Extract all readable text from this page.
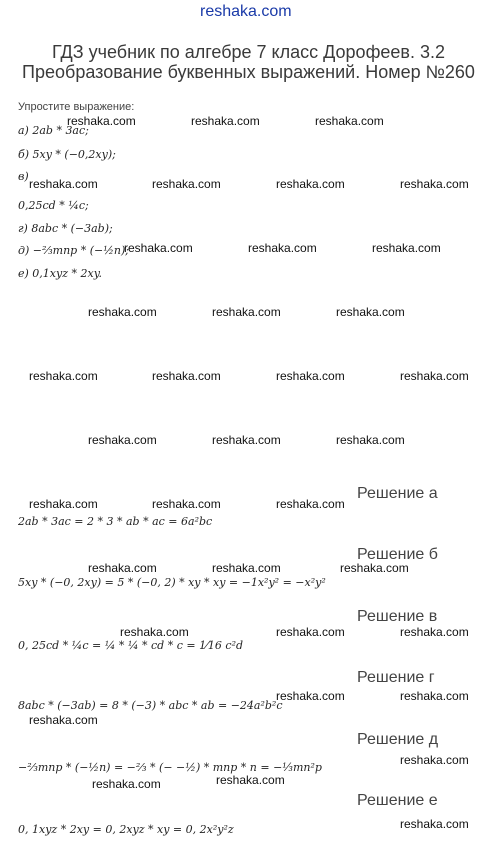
reshaka.com
ГДЗ учебник по алгебре 7 класс Дорофеев. 3.2
Преобразование буквенных выражений. Номер №260
Упростите выражение:
а) 2ab * 3ac;
б) 5xy * (−0,2xy);
в)
0,25cd * ¼c;
г) 8abc * (−3ab);
д) −⅔mnp * (−½n);
е) 0,1xyz * 2xy.
Решение а
2ab * 3ac = 2 * 3 * ab * ac = 6a²bc
Решение б
5xy * (−0, 2xy) = 5 * (−0, 2) * xy * xy = −1x²y² = −x²y²
Решение в
0, 25cd * ¼c = ¼ * ¼ * cd * c = 1⁄16 c²d
Решение г
8abc * (−3ab) = 8 * (−3) * abc * ab = −24a²b²c
Решение д
−⅔mnp * (−½n) = −⅔ * (− −½) * mnp * n = −⅓mn²p
Решение е
0, 1xyz * 2xy = 0, 2xyz * xy = 0, 2x²y²z
reshaka.com	reshaka.com	reshaka.com
reshaka.com	reshaka.com	reshaka.com	reshaka.com
reshaka.com	reshaka.com	reshaka.com
reshaka.com	reshaka.com	reshaka.com
reshaka.com	reshaka.com	reshaka.com	reshaka.com
reshaka.com	reshaka.com	reshaka.com
reshaka.com	reshaka.com	reshaka.com
reshaka.com	reshaka.com	reshaka.com
reshaka.com	reshaka.com	reshaka.com
reshaka.com	reshaka.com
reshaka.com
reshaka.com
reshaka.com
reshaka.com
reshaka.com
